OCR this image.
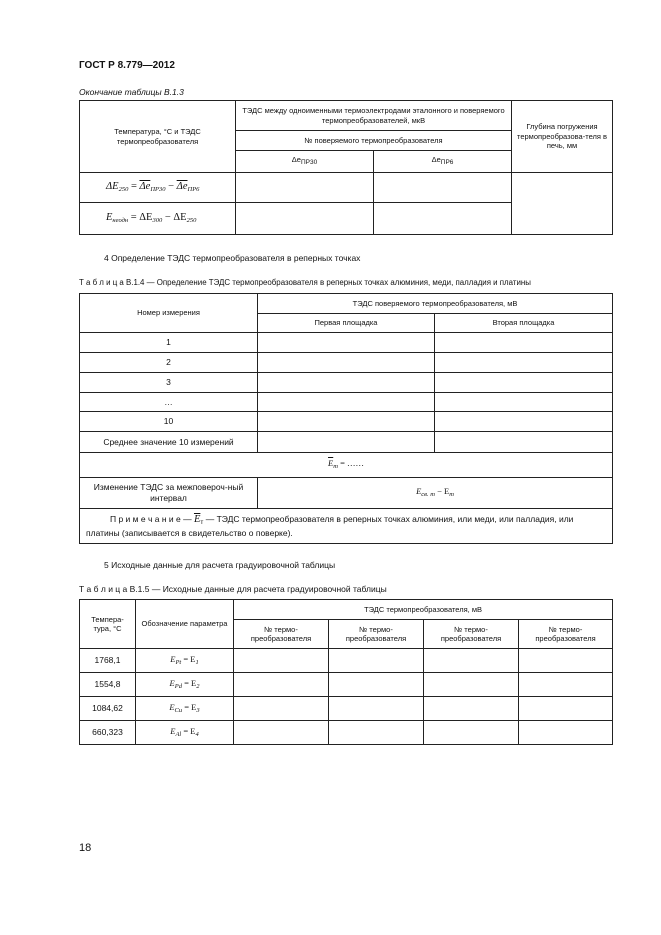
ГОСТ Р 8.779—2012
Окончание таблицы В.1.3
Температура, °С и ТЭДС термопреобразователя	ТЭДС между одноименными термоэлектродами эталонного и поверяемого термопреобразователей, мкВ		Глубина погружения термопреобразова-теля в печь, мм
	№ поверяемого термопреобразователя		
	$\Delta e_{ПР30}$	$\Delta e_{ПР6}$
$\Delta E_{250} = \overline{\Delta e}_{ПР30} - \overline{\Delta e}_{ПР6}$			
$E_{неодн} = \Delta E_{300} - \Delta E_{250}$		
4 Определение ТЭДС термопреобразователя в реперных точках
Т а б л и ц а В.1.4 — Определение ТЭДС термопреобразователя в реперных точках алюминия, меди, палладия и платины
Номер измерения	ТЭДС поверяемого термопреобразователя, мВ	
	Первая площадка	Вторая площадка
1		
2		
3		
…		
10		
Среднее значение 10 измерений		
$\overline{E}_т$ = ……		
Изменение ТЭДС за межповероч-ный интервал	$E_{св. т} - E_т$
П р и м е ч а н и е — $\overline{E}_т$ — ТЭДС термопреобразователя в реперных точках алюминия, или меди, или палладия, или платины (записывается в свидетельство о поверке).		
5 Исходные данные для расчета градуировочной таблицы
Т а б л и ц а В.1.5 — Исходные данные для расчета градуировочной таблицы
Темпера-тура, °С	Обозначение параметра	ТЭДС термопреобразователя, мВ			
		№ термо-преобразователя	№ термо-преобразователя	№ термо-преобразователя	№ термо-преобразователя
1768,1	$E_{Pt} = E_1$				
1554,8	$E_{Pd} = E_2$				
1084,62	$E_{Cu} = E_3$				
660,323	$E_{Al} = E_4$				
18
